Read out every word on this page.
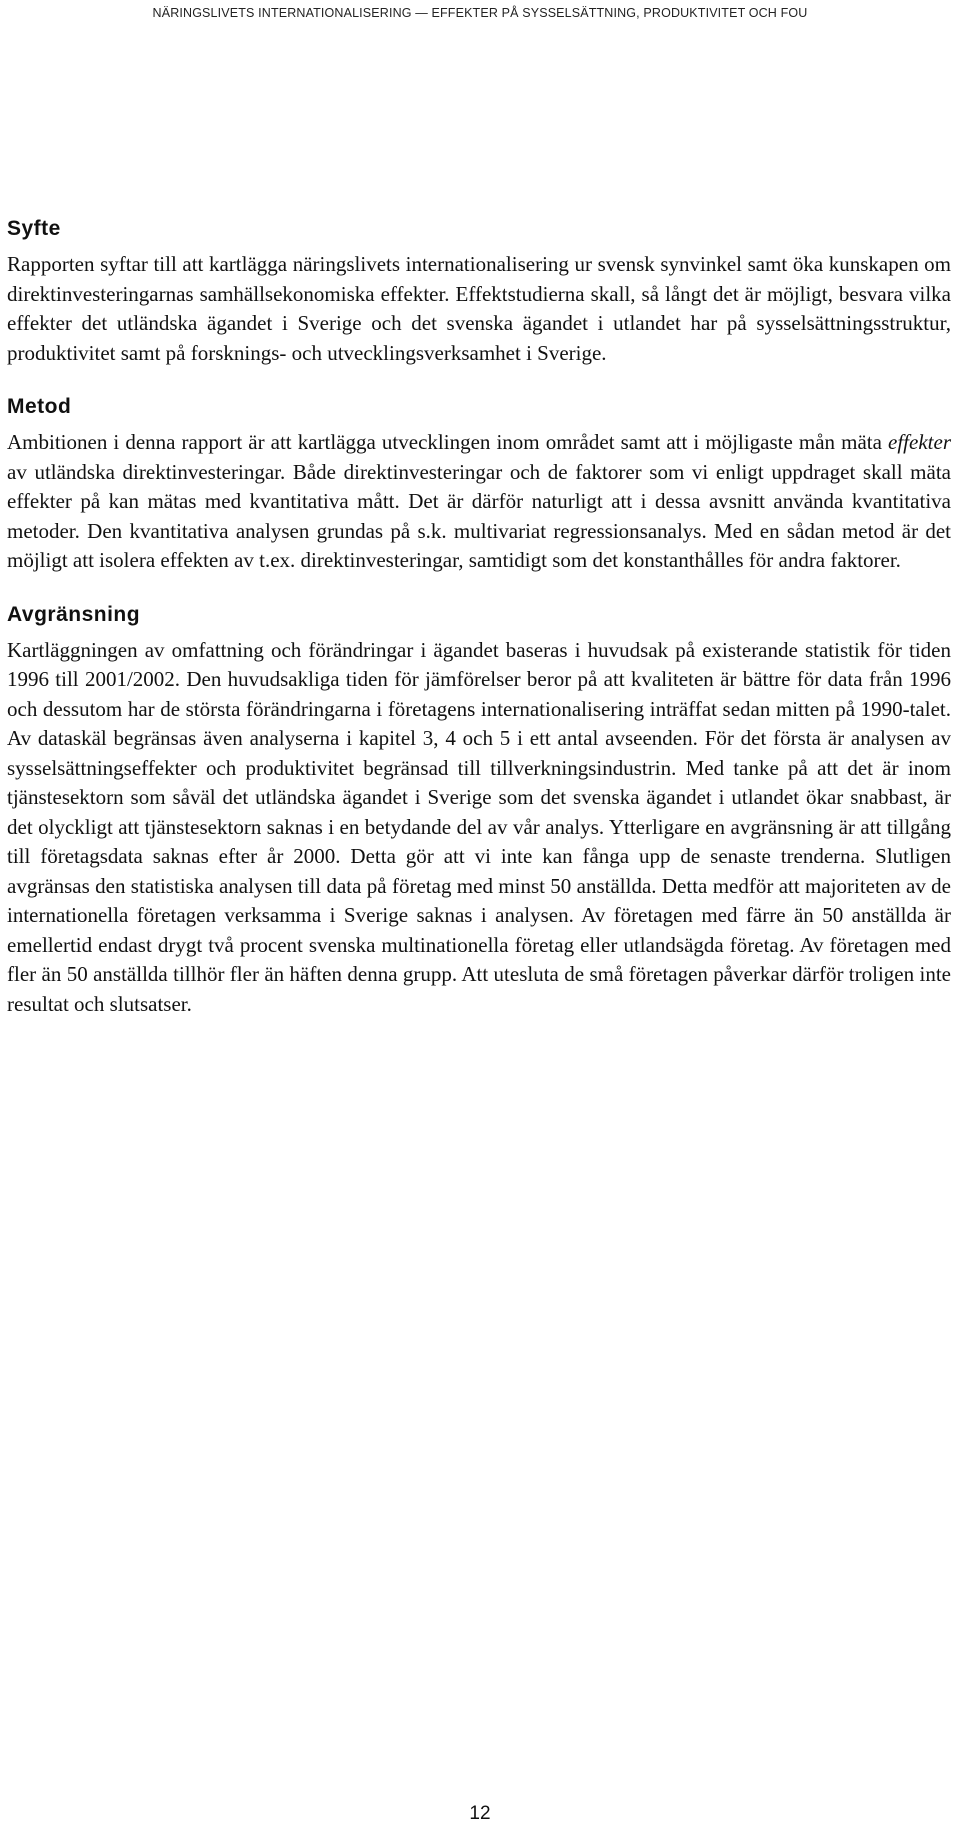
NÄRINGSLIVETS INTERNATIONALISERING — EFFEKTER PÅ SYSSELSÄTTNING, PRODUKTIVITET OCH FOU
Syfte

Rapporten syftar till att kartlägga näringslivets internationalisering ur svensk synvinkel samt öka kunskapen om direktinvesteringarnas samhällsekonomiska effekter. Effektstudierna skall, så långt det är möjligt, besvara vilka effekter det utländska ägandet i Sverige och det svenska ägandet i utlandet har på sysselsättningsstruktur, produktivitet samt på forsknings- och utvecklingsverksamhet i Sverige.

Metod

Ambitionen i denna rapport är att kartlägga utvecklingen inom området samt att i möjligaste mån mäta effekter av utländska direktinvesteringar. Både direktinvesteringar och de faktorer som vi enligt uppdraget skall mäta effekter på kan mätas med kvantitativa mått. Det är därför naturligt att i dessa avsnitt använda kvantitativa metoder. Den kvantitativa analysen grundas på s.k. multivariat regressionsanalys. Med en sådan metod är det möjligt att isolera effekten av t.ex. direktinvesteringar, samtidigt som det konstanthålles för andra faktorer.

Avgränsning

Kartläggningen av omfattning och förändringar i ägandet baseras i huvudsak på existerande statistik för tiden 1996 till 2001/2002. Den huvudsakliga tiden för jämförelser beror på att kvaliteten är bättre för data från 1996 och dessutom har de största förändringarna i företagens internationalisering inträffat sedan mitten på 1990-talet. Av dataskäl begränsas även analyserna i kapitel 3, 4 och 5 i ett antal avseenden. För det första är analysen av sysselsättningseffekter och produktivitet begränsad till tillverkningsindustrin. Med tanke på att det är inom tjänstesektorn som såväl det utländska ägandet i Sverige som det svenska ägandet i utlandet ökar snabbast, är det olyckligt att tjänstesektorn saknas i en betydande del av vår analys. Ytterligare en avgränsning är att tillgång till företagsdata saknas efter år 2000. Detta gör att vi inte kan fånga upp de senaste trenderna. Slutligen avgränsas den statistiska analysen till data på företag med minst 50 anställda. Detta medför att majoriteten av de internationella företagen verksamma i Sverige saknas i analysen. Av företagen med färre än 50 anställda är emellertid endast drygt två procent svenska multinationella företag eller utlandsägda företag. Av företagen med fler än 50 anställda tillhör fler än häften denna grupp. Att utesluta de små företagen påverkar därför troligen inte resultat och slutsatser.

12
